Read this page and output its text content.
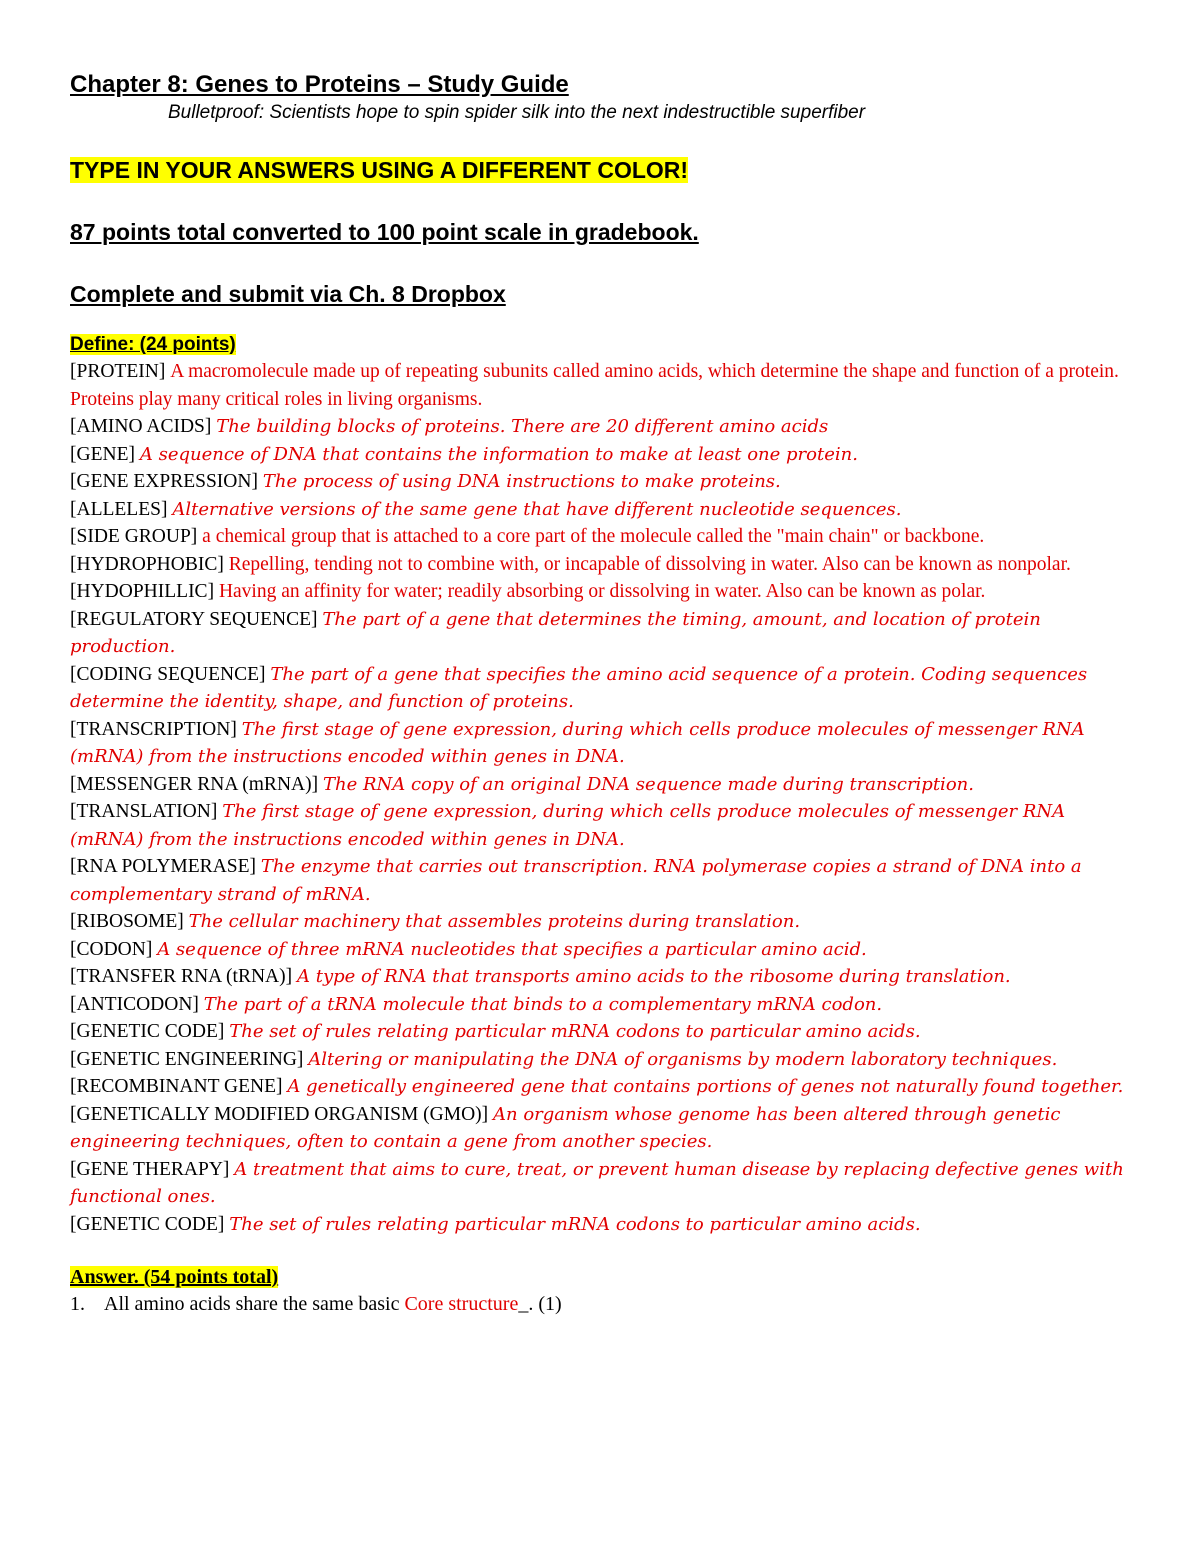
Chapter 8: Genes to Proteins – Study Guide

Bulletproof: Scientists hope to spin spider silk into the next indestructible superfiber

TYPE IN YOUR ANSWERS USING A DIFFERENT COLOR!

87 points total converted to 100 point scale in gradebook.

Complete and submit via Ch. 8 Dropbox

Define: (24 points)

[PROTEIN] A macromolecule made up of repeating subunits called amino acids, which determine the shape and function of a protein. Proteins play many critical roles in living organisms.

[AMINO ACIDS] The building blocks of proteins. There are 20 different amino acids

[GENE] A sequence of DNA that contains the information to make at least one protein.

[GENE EXPRESSION] The process of using DNA instructions to make proteins.

[ALLELES] Alternative versions of the same gene that have different nucleotide sequences.

[SIDE GROUP] a chemical group that is attached to a core part of the molecule called the "main chain" or backbone.

[HYDROPHOBIC] Repelling, tending not to combine with, or incapable of dissolving in water. Also can be known as nonpolar.

[HYDOPHILLIC] Having an affinity for water; readily absorbing or dissolving in water. Also can be known as polar.

[REGULATORY SEQUENCE] The part of a gene that determines the timing, amount, and location of protein production.

[CODING SEQUENCE] The part of a gene that specifies the amino acid sequence of a protein. Coding sequences determine the identity, shape, and function of proteins.

[TRANSCRIPTION] The first stage of gene expression, during which cells produce molecules of messenger RNA (mRNA) from the instructions encoded within genes in DNA.

[MESSENGER RNA (mRNA)] The RNA copy of an original DNA sequence made during transcription.

[TRANSLATION] The first stage of gene expression, during which cells produce molecules of messenger RNA (mRNA) from the instructions encoded within genes in DNA.

[RNA POLYMERASE] The enzyme that carries out transcription. RNA polymerase copies a strand of DNA into a complementary strand of mRNA.

[RIBOSOME] The cellular machinery that assembles proteins during translation.

[CODON] A sequence of three mRNA nucleotides that specifies a particular amino acid.

[TRANSFER RNA (tRNA)] A type of RNA that transports amino acids to the ribosome during translation.

[ANTICODON] The part of a tRNA molecule that binds to a complementary mRNA codon.

[GENETIC CODE] The set of rules relating particular mRNA codons to particular amino acids.

[GENETIC ENGINEERING] Altering or manipulating the DNA of organisms by modern laboratory techniques.

[RECOMBINANT GENE] A genetically engineered gene that contains portions of genes not naturally found together.

[GENETICALLY MODIFIED ORGANISM (GMO)] An organism whose genome has been altered through genetic engineering techniques, often to contain a gene from another species.

[GENE THERAPY] A treatment that aims to cure, treat, or prevent human disease by replacing defective genes with functional ones.

[GENETIC CODE] The set of rules relating particular mRNA codons to particular amino acids.

Answer. (54 points total)

1. All amino acids share the same basic Core structure_. (1)
